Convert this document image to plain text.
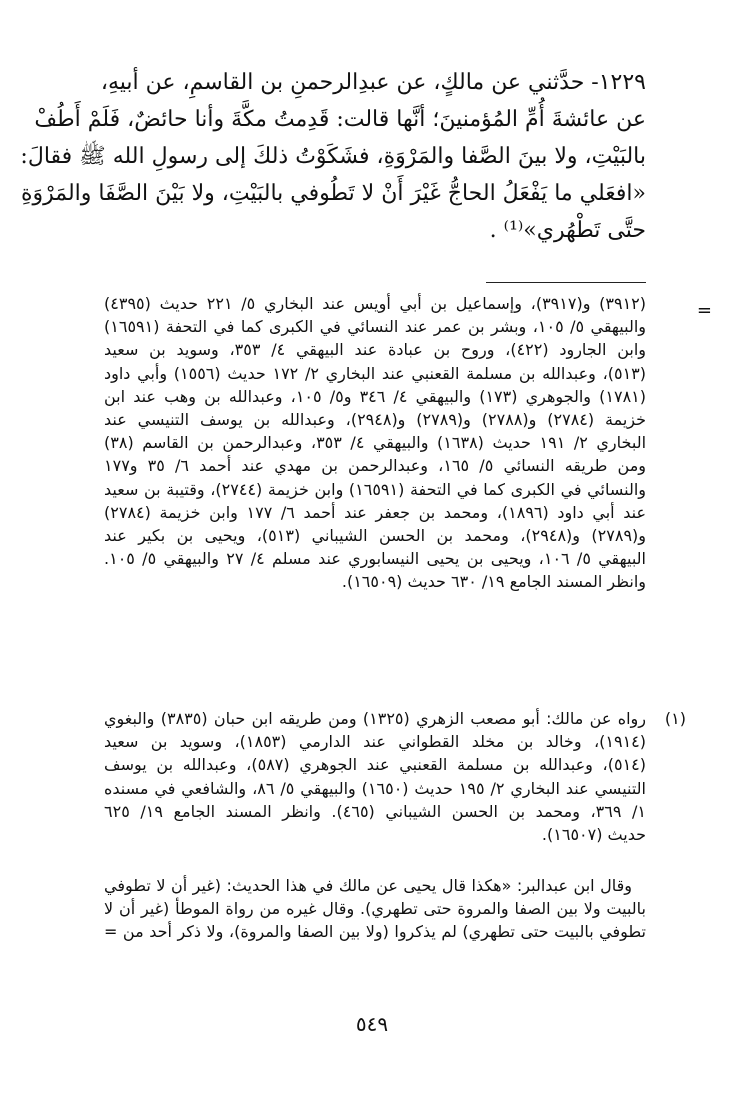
١٢٢٩- حدَّثني عن مالكٍ، عن عبدِالرحمنِ بن القاسمِ، عن أبيهِ،
عن عائشةَ أُمِّ المُؤمنينَ؛ أنَّها قالت: قَدِمتُ مكَّةَ وأنا حائضٌ، فَلَمْ أَطُفْ
بالبَيْتِ، ولا بينَ الصَّفا والمَرْوَةِ، فشَكَوْتُ ذلكَ إلى رسولِ الله ﷺ فقالَ:
«افعَلي ما يَفْعَلُ الحاجُّ غَيْرَ أَنْ لا تَطُوفي بالبَيْتِ، ولا بَيْنَ الصَّفَا والمَرْوَةِ
حتَّى تَطْهُري»⁽¹⁾ .
=
(٣٩١٢) و(٣٩١٧)، وإسماعيل بن أبي أويس عند البخاري ٥/ ٢٢١ حديث (٤٣٩٥)
والبيهقي ٥/ ١٠٥، وبشر بن عمر عند النسائي في الكبرى كما في التحفة (١٦٥٩١)
وابن الجارود (٤٢٢)، وروح بن عبادة عند البيهقي ٤/ ٣٥٣، وسويد بن سعيد
(٥١٣)، وعبدالله بن مسلمة القعنبي عند البخاري ٢/ ١٧٢ حديث (١٥٥٦) وأبي داود
(١٧٨١) والجوهري (١٧٣) والبيهقي ٤/ ٣٤٦ و٥/ ١٠٥، وعبدالله بن وهب عند ابن
خزيمة (٢٧٨٤) و(٢٧٨٨) و(٢٧٨٩) و(٢٩٤٨)، وعبدالله بن يوسف التنيسي عند
البخاري ٢/ ١٩١ حديث (١٦٣٨) والبيهقي ٤/ ٣٥٣، وعبدالرحمن بن القاسم (٣٨)
ومن طريقه النسائي ٥/ ١٦٥، وعبدالرحمن بن مهدي عند أحمد ٦/ ٣٥ و١٧٧
والنسائي في الكبرى كما في التحفة (١٦٥٩١) وابن خزيمة (٢٧٤٤)، وقتيبة بن سعيد
عند أبي داود (١٨٩٦)، ومحمد بن جعفر عند أحمد ٦/ ١٧٧ وابن خزيمة (٢٧٨٤)
و(٢٧٨٩) و(٢٩٤٨)، ومحمد بن الحسن الشيباني (٥١٣)، ويحيى بن بكير عند
البيهقي ٥/ ١٠٦، ويحيى بن يحيى النيسابوري عند مسلم ٤/ ٢٧ والبيهقي ٥/ ١٠٥.
وانظر المسند الجامع ١٩/ ٦٣٠ حديث (١٦٥٠٩).
(١)
رواه عن مالك: أبو مصعب الزهري (١٣٢٥) ومن طريقه ابن حبان (٣٨٣٥) والبغوي
(١٩١٤)، وخالد بن مخلد القطواني عند الدارمي (١٨٥٣)، وسويد بن سعيد
(٥١٤)، وعبدالله بن مسلمة القعنبي عند الجوهري (٥٨٧)، وعبدالله بن يوسف
التنيسي عند البخاري ٢/ ١٩٥ حديث (١٦٥٠) والبيهقي ٥/ ٨٦، والشافعي في مسنده
١/ ٣٦٩، ومحمد بن الحسن الشيباني (٤٦٥). وانظر المسند الجامع ١٩/ ٦٢٥
حديث (١٦٥٠٧).
وقال ابن عبدالبر: «هكذا قال يحيى عن مالك في هذا الحديث: (غير أن لا تطوفي
بالبيت ولا بين الصفا والمروة حتى تطهري). وقال غيره من رواة الموطأ (غير أن لا
تطوفي بالبيت حتى تطهري) لم يذكروا (ولا بين الصفا والمروة)، ولا ذكر أحد من =
٥٤٩
